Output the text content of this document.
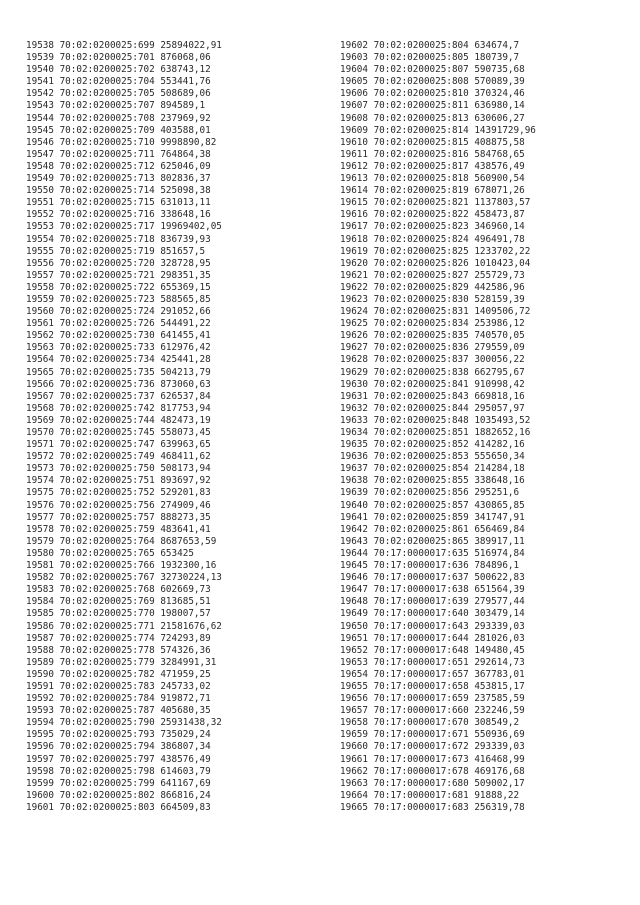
19538 70:02:0200025:699 25894022,91
19539 70:02:0200025:701 876068,06
19540 70:02:0200025:702 638743,12
19541 70:02:0200025:704 553441,76
19542 70:02:0200025:705 508689,06
19543 70:02:0200025:707 894589,1
19544 70:02:0200025:708 237969,92
19545 70:02:0200025:709 403588,01
19546 70:02:0200025:710 9998890,82
19547 70:02:0200025:711 764864,38
19548 70:02:0200025:712 625046,09
19549 70:02:0200025:713 802836,37
19550 70:02:0200025:714 525098,38
19551 70:02:0200025:715 631013,11
19552 70:02:0200025:716 338648,16
19553 70:02:0200025:717 19969402,05
19554 70:02:0200025:718 836739,93
19555 70:02:0200025:719 851657,5
19556 70:02:0200025:720 328728,95
19557 70:02:0200025:721 298351,35
19558 70:02:0200025:722 655369,15
19559 70:02:0200025:723 588565,85
19560 70:02:0200025:724 291052,66
19561 70:02:0200025:726 544491,22
19562 70:02:0200025:730 641455,41
19563 70:02:0200025:733 612976,42
19564 70:02:0200025:734 425441,28
19565 70:02:0200025:735 504213,79
19566 70:02:0200025:736 873060,63
19567 70:02:0200025:737 626537,84
19568 70:02:0200025:742 817753,94
19569 70:02:0200025:744 482473,19
19570 70:02:0200025:745 558073,45
19571 70:02:0200025:747 639963,65
19572 70:02:0200025:749 468411,62
19573 70:02:0200025:750 508173,94
19574 70:02:0200025:751 893697,92
19575 70:02:0200025:752 529201,83
19576 70:02:0200025:756 274909,46
19577 70:02:0200025:757 888273,35
19578 70:02:0200025:759 483641,41
19579 70:02:0200025:764 8687653,59
19580 70:02:0200025:765 653425
19581 70:02:0200025:766 1932300,16
19582 70:02:0200025:767 32730224,13
19583 70:02:0200025:768 602669,73
19584 70:02:0200025:769 813685,51
19585 70:02:0200025:770 198007,57
19586 70:02:0200025:771 21581676,62
19587 70:02:0200025:774 724293,89
19588 70:02:0200025:778 574326,36
19589 70:02:0200025:779 3284991,31
19590 70:02:0200025:782 471959,25
19591 70:02:0200025:783 245733,02
19592 70:02:0200025:784 919872,71
19593 70:02:0200025:787 405680,35
19594 70:02:0200025:790 25931438,32
19595 70:02:0200025:793 735029,24
19596 70:02:0200025:794 386807,34
19597 70:02:0200025:797 438576,49
19598 70:02:0200025:798 614603,79
19599 70:02:0200025:799 641167,69
19600 70:02:0200025:802 866816,24
19601 70:02:0200025:803 664509,83
19602 70:02:0200025:804 634674,7
19603 70:02:0200025:805 180739,7
19604 70:02:0200025:807 590735,68
19605 70:02:0200025:808 570089,39
19606 70:02:0200025:810 370324,46
19607 70:02:0200025:811 636980,14
19608 70:02:0200025:813 630606,27
19609 70:02:0200025:814 14391729,96
19610 70:02:0200025:815 408875,58
19611 70:02:0200025:816 584768,65
19612 70:02:0200025:817 438576,49
19613 70:02:0200025:818 560900,54
19614 70:02:0200025:819 678071,26
19615 70:02:0200025:821 1137803,57
19616 70:02:0200025:822 458473,87
19617 70:02:0200025:823 346960,14
19618 70:02:0200025:824 496491,78
19619 70:02:0200025:825 1233702,22
19620 70:02:0200025:826 1010423,04
19621 70:02:0200025:827 255729,73
19622 70:02:0200025:829 442586,96
19623 70:02:0200025:830 528159,39
19624 70:02:0200025:831 1409506,72
19625 70:02:0200025:834 253986,12
19626 70:02:0200025:835 740570,05
19627 70:02:0200025:836 279559,09
19628 70:02:0200025:837 300056,22
19629 70:02:0200025:838 662795,67
19630 70:02:0200025:841 910998,42
19631 70:02:0200025:843 669818,16
19632 70:02:0200025:844 295057,97
19633 70:02:0200025:848 1035493,52
19634 70:02:0200025:851 1882652,16
19635 70:02:0200025:852 414282,16
19636 70:02:0200025:853 555650,34
19637 70:02:0200025:854 214284,18
19638 70:02:0200025:855 338648,16
19639 70:02:0200025:856 295251,6
19640 70:02:0200025:857 430865,85
19641 70:02:0200025:859 341747,91
19642 70:02:0200025:861 656469,84
19643 70:02:0200025:865 389917,11
19644 70:17:0000017:635 516974,84
19645 70:17:0000017:636 784896,1
19646 70:17:0000017:637 500622,83
19647 70:17:0000017:638 651564,39
19648 70:17:0000017:639 279577,44
19649 70:17:0000017:640 303479,14
19650 70:17:0000017:643 293339,03
19651 70:17:0000017:644 281026,03
19652 70:17:0000017:648 149480,45
19653 70:17:0000017:651 292614,73
19654 70:17:0000017:657 367783,01
19655 70:17:0000017:658 453815,17
19656 70:17:0000017:659 237585,59
19657 70:17:0000017:660 232246,59
19658 70:17:0000017:670 308549,2
19659 70:17:0000017:671 550936,69
19660 70:17:0000017:672 293339,03
19661 70:17:0000017:673 416468,99
19662 70:17:0000017:678 469176,68
19663 70:17:0000017:680 509002,17
19664 70:17:0000017:681 91888,22
19665 70:17:0000017:683 256319,78
